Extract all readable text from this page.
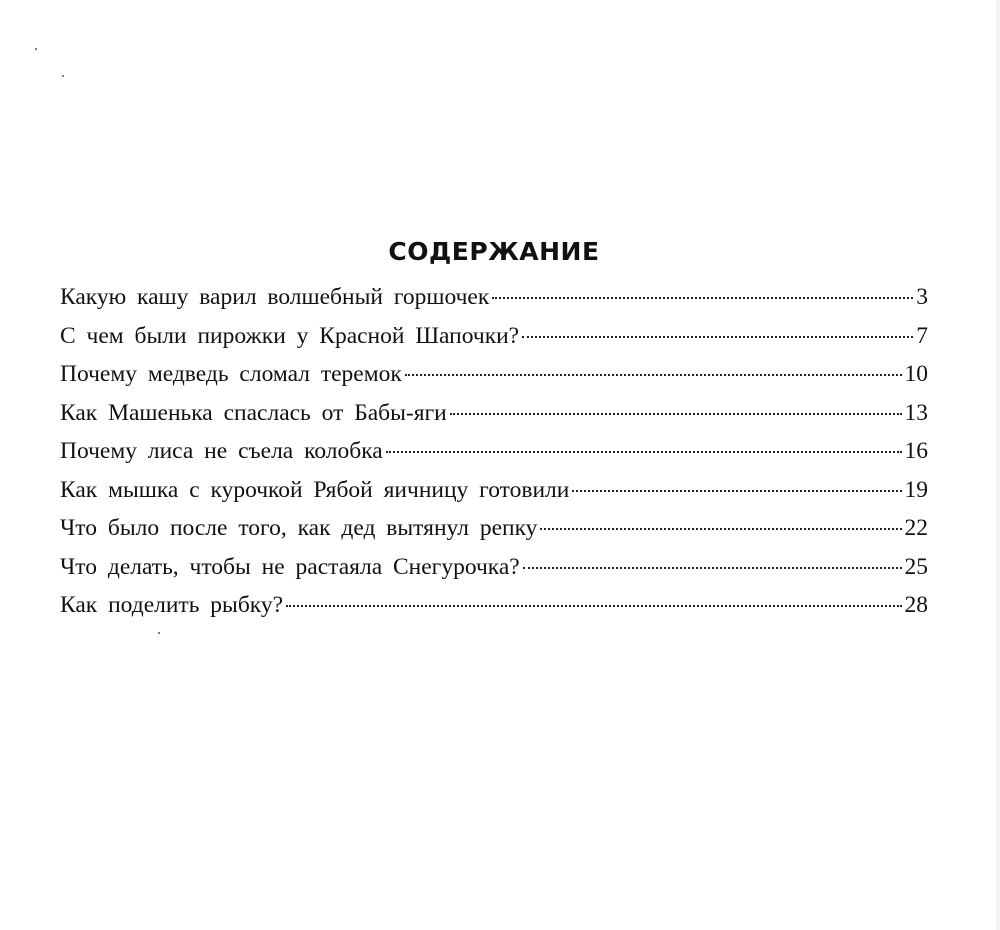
СОДЕРЖАНИЕ
Какую кашу варил волшебный горшочек	3
С чем были пирожки у Красной Шапочки?	7
Почему медведь сломал теремок	10
Как Машенька спаслась от Бабы-яги	13
Почему лиса не съела колобка	16
Как мышка с курочкой Рябой яичницу готовили	19
Что было после того, как дед вытянул репку	22
Что делать, чтобы не растаяла Снегурочка?	25
Как поделить рыбку?	28
